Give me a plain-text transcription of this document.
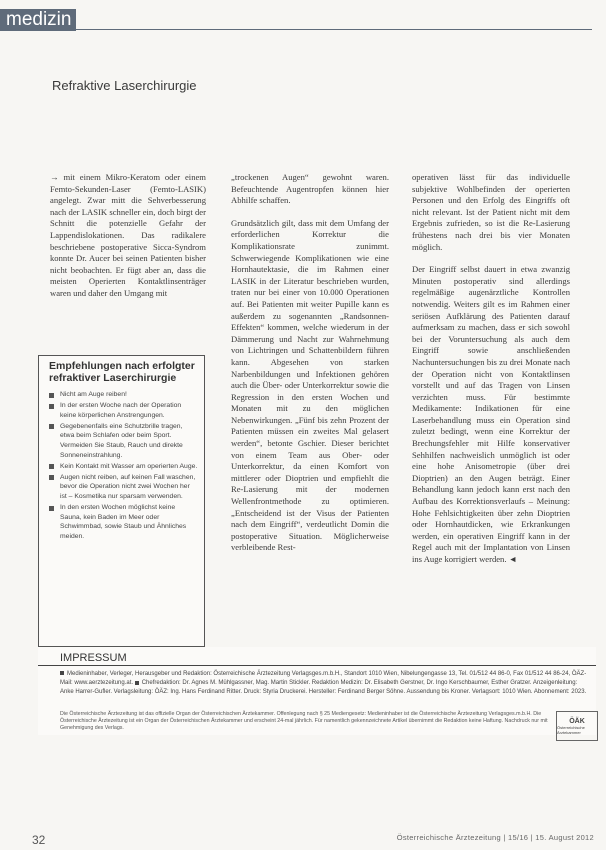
medizin
Refraktive Laserchirurgie

→ mit einem Mikro-Keratom oder einem Femto-Sekunden-Laser (Femto-LASIK) angelegt. Zwar mitt die Sehverbesserung nach der LASIK schneller ein, doch birgt der Schnitt die potenzielle Gefahr der Lappendislokationen. Das radikalere beschriebene postoperative Sicca-Syndrom konnte Dr. Aucer bei seinen Patienten bisher nicht beobachten. Er fügt aber an, dass die meisten Operierten Kontaktlinsenträger waren und daher den Umgang mit

„trockenen Augen“ gewohnt waren. Befeuchtende Augentropfen können hier Abhilfe schaffen.

Grundsätzlich gilt, dass mit dem Umfang der erforderlichen Korrektur die Komplikationsrate zunimmt. Schwerwiegende Komplikationen wie eine Hornhautektasie, die im Rahmen einer LASIK in der Literatur beschrieben wurden, traten nur bei einer von 10.000 Operationen auf. Bei Patienten mit weiter Pupille kann es außerdem zu sogenannten „Randsonnen-Effekten“ kommen, welche wiederum in der Dämmerung und Nacht zur Wahrnehmung von Lichtringen und Schattenbildern führen kann. Abgesehen von starken Narbenbildungen und Infektionen gehören auch die Über- oder Unterkorrektur sowie die Regression in den ersten Wochen und Monaten mit zu den möglichen Nebenwirkungen. „Fünf bis zehn Prozent der Patienten müssen ein zweites Mal gelasert werden“, betonte Gschier. Dieser berichtet von einem Team aus Ober- oder Unterkorrektur, da einen Komfort von mittlerer oder Dioptrien und empfiehlt die Re-Lasierung mit der modernen Wellenfrontmethode zu optimieren. „Entscheidend ist der Visus der Patienten nach dem Eingriff“, verdeutlicht Domin die postoperative Situation. Möglicherweise verbleibende Rest-

operativen lässt für das individuelle subjektive Wohlbefinden der operierten Personen und den Erfolg des Eingriffs oft nicht relevant. Ist der Patient nicht mit dem Ergebnis zufrieden, so ist die Re-Lasierung frühestens nach drei bis vier Monaten möglich.

Der Eingriff selbst dauert in etwa zwanzig Minuten postoperativ sind allerdings regelmäßige augenärztliche Kontrollen notwendig. Weiters gilt es im Rahmen einer seriösen Aufklärung des Patienten darauf aufmerksam zu machen, dass er sich sowohl bei der Voruntersuchung als auch dem Eingriff sowie anschließenden Nachuntersuchungen bis zu drei Monate nach der Operation nicht von Kontaktlinsen vorstellt und auf das Tragen von Linsen verzichten muss. Für bestimmte Medikamente: Indikationen für eine Laserbehandlung muss ein Operation sind zuletzt bedingt, wenn eine Korrektur der Brechungsfehler mit Hilfe konservativer Sehhilfen nachweislich unmöglich ist oder eine hohe Anisometropie (über drei Dioptrien) an den Augen beträgt. Einer Behandlung kann jedoch kann erst nach den Aufbau des Korrektionsverlaufs – Meinung: Hohe Fehlsichtigkeiten über zehn Dioptrien oder Hornhautdicken, wie Erkrankungen werden, ein operativen Eingriff kann in der Regel auch mit der Implantation von Linsen ins Auge korrigiert werden. ◄

Empfehlungen nach erfolgter refraktiver Laserchirurgie
Nicht am Auge reiben!
In der ersten Woche nach der Operation keine körperlichen Anstrengungen.
Gegebenenfalls eine Schutzbrille tragen, etwa beim Schlafen oder beim Sport. Vermeiden Sie Staub, Rauch und direkte Sonneneinstrahlung.
Kein Kontakt mit Wasser am operierten Auge.
Augen nicht reiben, auf keinen Fall waschen, bevor die Operation nicht zwei Wochen her ist – Kosmetika nur sparsam verwenden.
In den ersten Wochen möglichst keine Sauna, kein Baden im Meer oder Schwimmbad, sowie Staub und Ähnliches meiden.
IMPRESSUM
Medieninhaber, Verleger, Herausgeber und Redaktion: Österreichische Ärztezeitung Verlagsges.m.b.H., Standort 1010 Wien, Nibelungengasse 13, Tel. 01/512 44 86-0, Fax 01/512 44 86-24, ÖÄZ-Mail: www.aerztezeitung.at. Chefredaktion: Dr. Agnes M. Mühlgassner, Mag. Martin Stickler. Redaktion Medizin: Dr. Elisabeth Gerstner, Dr. Ingo Kerschbaumer, Esther Gratzer. Anzeigenleitung: Anke Harrer-Gufler. Verlagsleitung: ÖÄZ: Ing. Hans Ferdinand Ritter. Druck: Styria Druckerei. Hersteller: Ferdinand Berger Söhne. Aussendung bis Kroner. Verlagsort: 1010 Wien. Abonnement: 2023.
Die Österreichische Ärztezeitung ist das offizielle Organ der Österreichischen Ärztekammer. Offenlegung nach § 25 Mediengesetz: Medieninhaber ist die Österreichische Ärztezeitung Verlagsges.m.b.H. Die Österreichische Ärztezeitung ist ein Organ der Österreichischen Ärztekammer und erscheint 24-mal jährlich. Für namentlich gekennzeichnete Artikel übernimmt die Redaktion keine Haftung. Nachdruck nur mit Genehmigung des Verlags.
ÖÄK
Österreichische Ärztekammer
32	Österreichische Ärztezeitung | 15/16 | 15. August 2012
